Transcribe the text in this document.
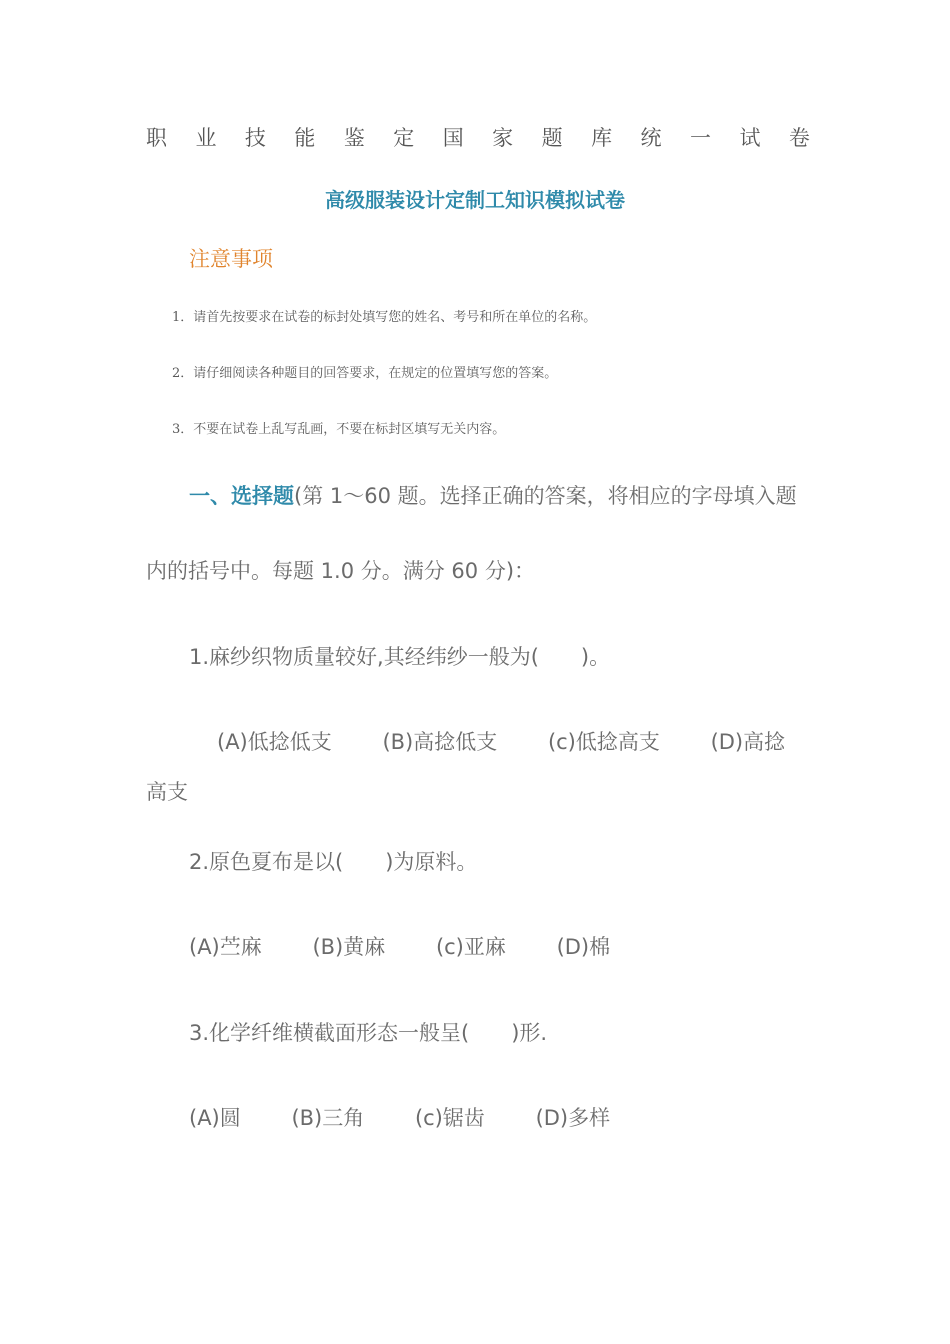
职 业 技 能 鉴 定 国 家 题 库 统 一 试 卷
高级服装设计定制工知识模拟试卷
注意事项
1．请首先按要求在试卷的标封处填写您的姓名、考号和所在单位的名称。
2．请仔细阅读各种题目的回答要求，在规定的位置填写您的答案。
3．不要在试卷上乱写乱画，不要在标封区填写无关内容。
一、选择题(第 1～60 题。选择正确的答案，将相应的字母填入题
内的括号中。每题 1.0 分。满分 60 分)：
1.麻纱织物质量较好,其经纬纱一般为(　　)。
(A)低捻低支 (B)高捻低支 (c)低捻高支 (D)高捻
高支
2.原色夏布是以(　　)为原料。
(A)苎麻 (B)黄麻 (c)亚麻 (D)棉
3.化学纤维横截面形态一般呈(　　)形.
(A)圆 (B)三角 (c)锯齿 (D)多样
